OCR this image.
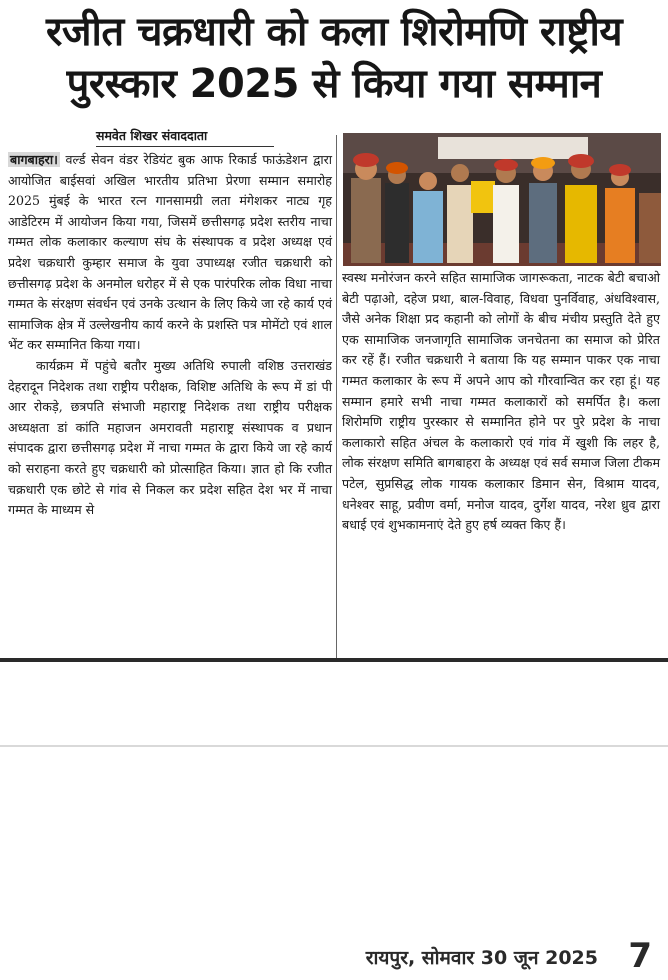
रजीत चक्रधारी को कला शिरोमणि राष्ट्रीय
पुरस्कार 2025 से किया गया सम्मान
समवेत शिखर संवाददाता

बागबाहरा। वर्ल्ड सेवन वंडर रेडियंट बुक आफ रिकार्ड फाऊंडेशन द्वारा आयोजित बाईसवां अखिल भारतीय प्रतिभा प्रेरणा सम्मान समारोह 2025 मुंबई के भारत रत्न गानसामग्री लता मंगेशकर नाट्य गृह आडेटिरम में आयोजन किया गया, जिसमें छत्तीसगढ़ प्रदेश स्तरीय नाचा गम्मत लोक कलाकार कल्याण संघ के संस्थापक व प्रदेश अध्यक्ष एवं प्रदेश चक्रधारी कुम्हार समाज के युवा उपाध्यक्ष रजीत चक्रधारी को छत्तीसगढ़ प्रदेश के अनमोल धरोहर में से एक पारंपरिक लोक विधा नाचा गम्मत के संरक्षण संवर्धन एवं उनके उत्थान के लिए किये जा रहे कार्य एवं सामाजिक क्षेत्र में उल्लेखनीय कार्य करने के प्रशस्ति पत्र मोमेंटो एवं शाल भेंट कर सम्मानित किया गया।

कार्यक्रम में पहुंचे बतौर मुख्य अतिथि रुपाली वशिष्ठ उत्तराखंड देहरादून निदेशक तथा राष्ट्रीय परीक्षक, विशिष्ट अतिथि के रूप में डां पी आर रोकड़े, छत्रपति संभाजी महाराष्ट्र निदेशक तथा राष्ट्रीय परीक्षक अध्यक्षता डां कांति महाजन अमरावती महाराष्ट्र संस्थापक व प्रधान संपादक द्वारा छत्तीसगढ़ प्रदेश में नाचा गम्मत के द्वारा किये जा रहे कार्य को सराहना करते हुए चक्रधारी को प्रोत्साहित किया। ज्ञात हो कि रजीत चक्रधारी एक छोटे से गांव से निकल कर प्रदेश सहित देश भर में नाचा गम्मत के माध्यम से

स्वस्थ मनोरंजन करने सहित सामाजिक जागरूकता, नाटक बेटी बचाओ बेटी पढ़ाओ, दहेज प्रथा, बाल-विवाह, विधवा पुनर्विवाह, अंधविश्वास, जैसे अनेक शिक्षा प्रद कहानी को लोगों के बीच मंचीय प्रस्तुति देते हुए एक सामाजिक जनजागृति सामाजिक जनचेतना का समाज को प्रेरित कर रहें हैं। रजीत चक्रधारी ने बताया कि यह सम्मान पाकर एक नाचा गम्मत कलाकार के रूप में अपने आप को गौरवान्वित कर रहा हूं। यह सम्मान हमारे सभी नाचा गम्मत कलाकारों को समर्पित है। कला शिरोमणि राष्ट्रीय पुरस्कार से सम्मानित होने पर पुरे प्रदेश के नाचा कलाकारो सहित अंचल के कलाकारो एवं गांव में खुशी कि लहर है, लोक संरक्षण समिति बागबाहरा के अध्यक्ष एवं सर्व समाज जिला टीकम पटेल, सुप्रसिद्ध लोक गायक कलाकार डिमान सेन, विश्राम यादव, धनेश्वर साहू, प्रवीण वर्मा, मनोज यादव, दुर्गेश यादव, नरेश ध्रुव द्वारा बधाई एवं शुभकामनाएं देते हुए हर्ष व्यक्त किए हैं।

रायपुर, सोमवार 30 जून 2025 7
